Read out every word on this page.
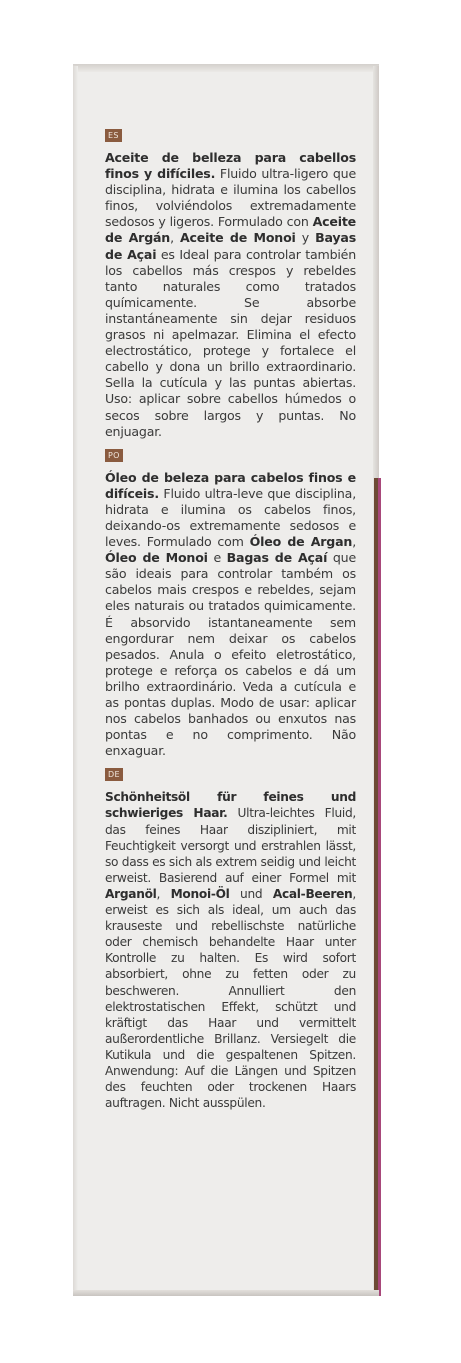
ES

Aceite de belleza para cabellos finos y difíciles. Fluido ultra-ligero que disciplina, hidrata e ilumina los cabellos finos, volviéndolos extremadamente sedosos y ligeros. Formulado con Aceite de Argán, Aceite de Monoi y Bayas de Açai es Ideal para controlar también los cabellos más crespos y rebeldes tanto naturales como tratados químicamente. Se absorbe instantáneamente sin dejar residuos grasos ni apelmazar. Elimina el efecto electrostático, protege y fortalece el cabello y dona un brillo extraordinario. Sella la cutícula y las puntas abiertas. Uso: aplicar sobre cabellos húmedos o secos sobre largos y puntas. No enjuagar.

PO

Óleo de beleza para cabelos finos e difíceis. Fluido ultra-leve que disciplina, hidrata e ilumina os cabelos finos, deixando-os extremamente sedosos e leves. Formulado com Óleo de Argan, Óleo de Monoi e Bagas de Açaí que são ideais para controlar também os cabelos mais crespos e rebeldes, sejam eles naturais ou tratados quimicamente. É absorvido istantaneamente sem engordurar nem deixar os cabelos pesados. Anula o efeito eletrostático, protege e reforça os cabelos e dá um brilho extraordinário. Veda a cutícula e as pontas duplas. Modo de usar: aplicar nos cabelos banhados ou enxutos nas pontas e no comprimento. Não enxaguar.

DE

Schönheitsöl für feines und schwieriges Haar. Ultra-leichtes Fluid, das feines Haar diszipliniert, mit Feuchtigkeit versorgt und erstrahlen lässt, so dass es sich als extrem seidig und leicht erweist. Basierend auf einer Formel mit Arganöl, Monoi-Öl und Acal-Beeren, erweist es sich als ideal, um auch das krauseste und rebellischste natürliche oder chemisch behandelte Haar unter Kontrolle zu halten. Es wird sofort absorbiert, ohne zu fetten oder zu beschweren. Annulliert den elektrostatischen Effekt, schützt und kräftigt das Haar und vermittelt außerordentliche Brillanz. Versiegelt die Kutikula und die gespaltenen Spitzen. Anwendung: Auf die Längen und Spitzen des feuchten oder trockenen Haars auftragen. Nicht ausspülen.
